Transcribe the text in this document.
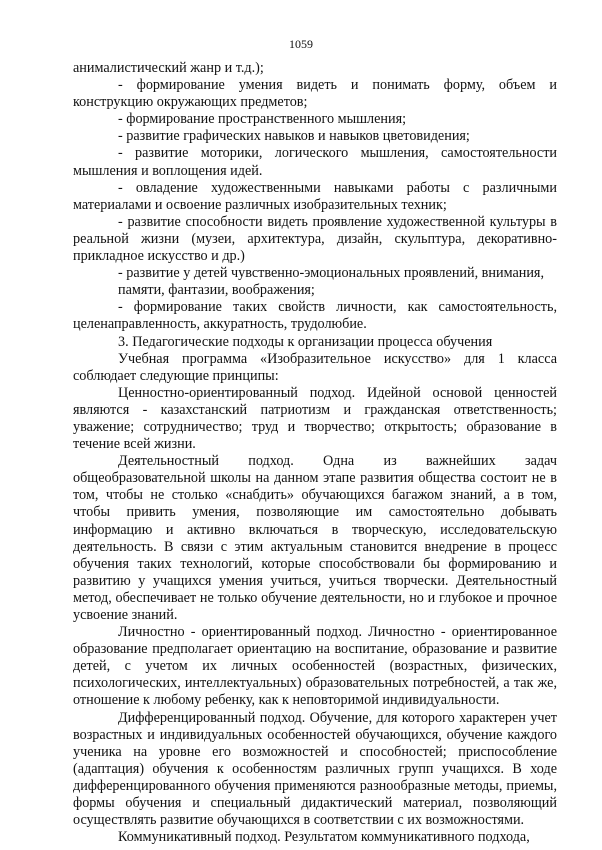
1059

анималистический жанр и т.д.);

- формирование умения видеть и понимать форму, объем и конструкцию окружающих предметов;

- формирование пространственного мышления;

- развитие графических навыков и навыков цветовидения;

- развитие моторики, логического мышления, самостоятельности мышления и воплощения идей.

- овладение художественными навыками работы с различными материалами и освоение различных изобразительных техник;

- развитие способности видеть проявление художественной культуры в реальной жизни (музеи, архитектура, дизайн, скульптура, декоративно-прикладное искусство и др.)

- развитие у детей чувственно-эмоциональных проявлений, внимания,

памяти, фантазии, воображения;

- формирование таких свойств личности, как самостоятельность, целенаправленность, аккуратность, трудолюбие.

3. Педагогические подходы к организации процесса обучения

Учебная программа «Изобразительное искусство» для 1 класса соблюдает следующие принципы:

Ценностно-ориентированный подход. Идейной основой ценностей являются - казахстанский патриотизм и гражданская ответственность; уважение; сотрудничество; труд и творчество; открытость; образование в течение всей жизни.

Деятельностный подход. Одна из важнейших задач общеобразовательной школы на данном этапе развития общества состоит не в том, чтобы не столько «снабдить» обучающихся багажом знаний, а в том, чтобы привить умения, позволяющие им самостоятельно добывать информацию и активно включаться в творческую, исследовательскую деятельность. В связи с этим актуальным становится внедрение в процесс обучения таких технологий, которые способствовали бы формированию и развитию у учащихся умения учиться, учиться творчески. Деятельностный метод, обеспечивает не только обучение деятельности, но и глубокое и прочное усвоение знаний.

Личностно - ориентированный подход. Личностно - ориентированное образование предполагает ориентацию на воспитание, образование и развитие детей, с учетом их личных особенностей (возрастных, физических, психологических, интеллектуальных) образовательных потребностей, а так же, отношение к любому ребенку, как к неповторимой индивидуальности.

Дифференцированный подход. Обучение, для которого характерен учет возрастных и индивидуальных особенностей обучающихся, обучение каждого ученика на уровне его возможностей и способностей; приспособление (адаптация) обучения к особенностям различных групп учащихся. В ходе дифференцированного обучения применяются разнообразные методы, приемы, формы обучения и специальный дидактический материал, позволяющий осуществлять развитие обучающихся в соответствии с их возможностями.

Коммуникативный подход. Результатом коммуникативного подхода,
